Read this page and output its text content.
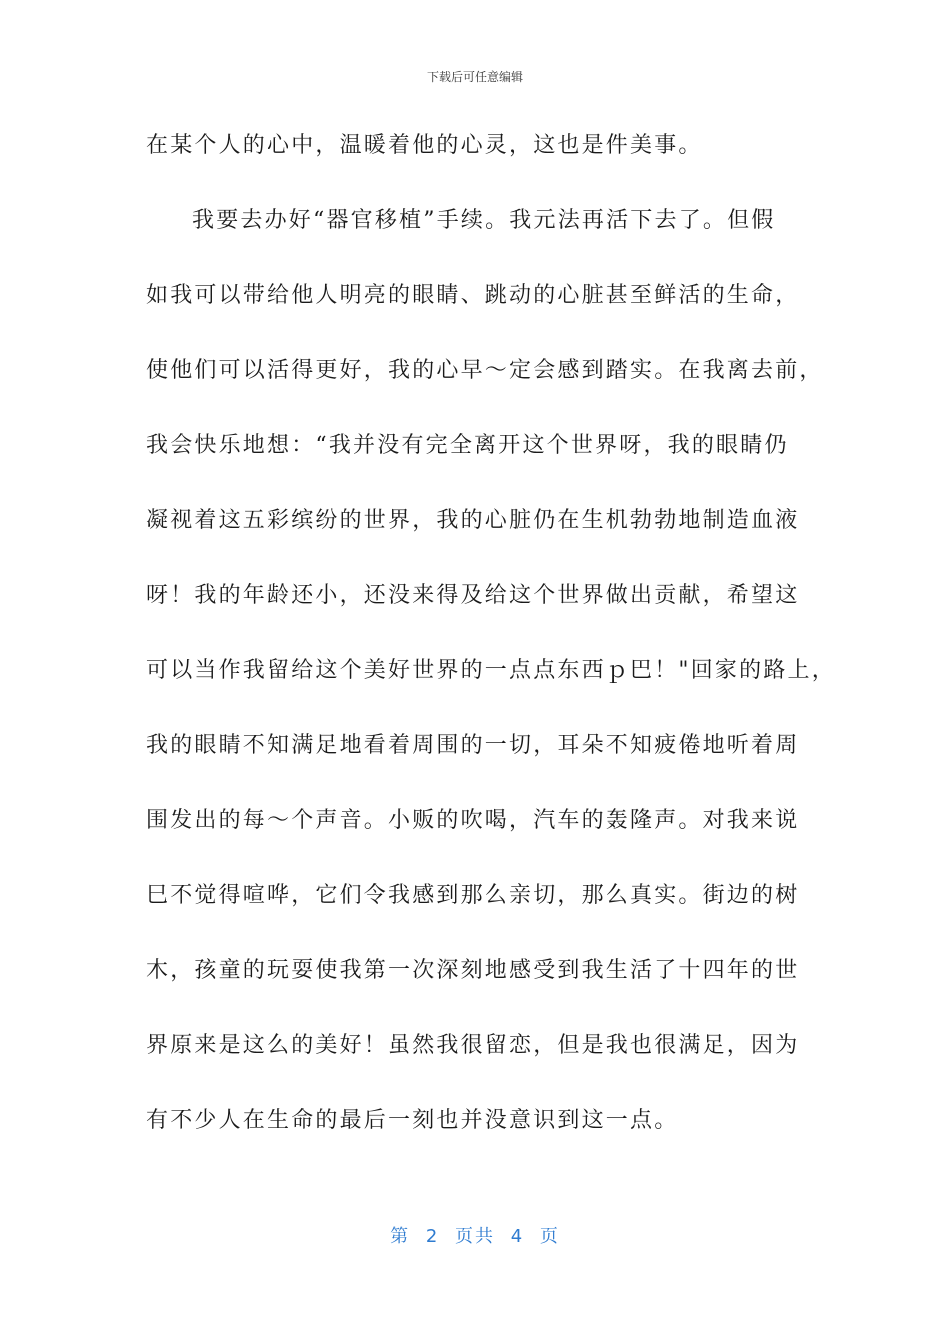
下载后可任意编辑
在某个人的心中，温暖着他的心灵，这也是件美事。
我要去办好“器官移植”手续。我元法再活下去了。但假
如我可以带给他人明亮的眼睛、跳动的心脏甚至鲜活的生命，
使他们可以活得更好，我的心早～定会感到踏实。在我离去前，
我会快乐地想：“我并没有完全离开这个世界呀，我的眼睛仍
凝视着这五彩缤纷的世界，我的心脏仍在生机勃勃地制造血液
呀！我的年龄还小，还没来得及给这个世界做出贡献，希望这
可以当作我留给这个美好世界的一点点东西ｐ巴！"回家的路上，
我的眼睛不知满足地看着周围的一切，耳朵不知疲倦地听着周
围发出的每～个声音。小贩的吹喝，汽车的轰隆声。对我来说
巳不觉得喧哗，它们令我感到那么亲切，那么真实。街边的树
木，孩童的玩耍使我第一次深刻地感受到我生活了十四年的世
界原来是这么的美好！虽然我很留恋，但是我也很满足，因为
有不少人在生命的最后一刻也并没意识到这一点。
第 2 页共 4 页
